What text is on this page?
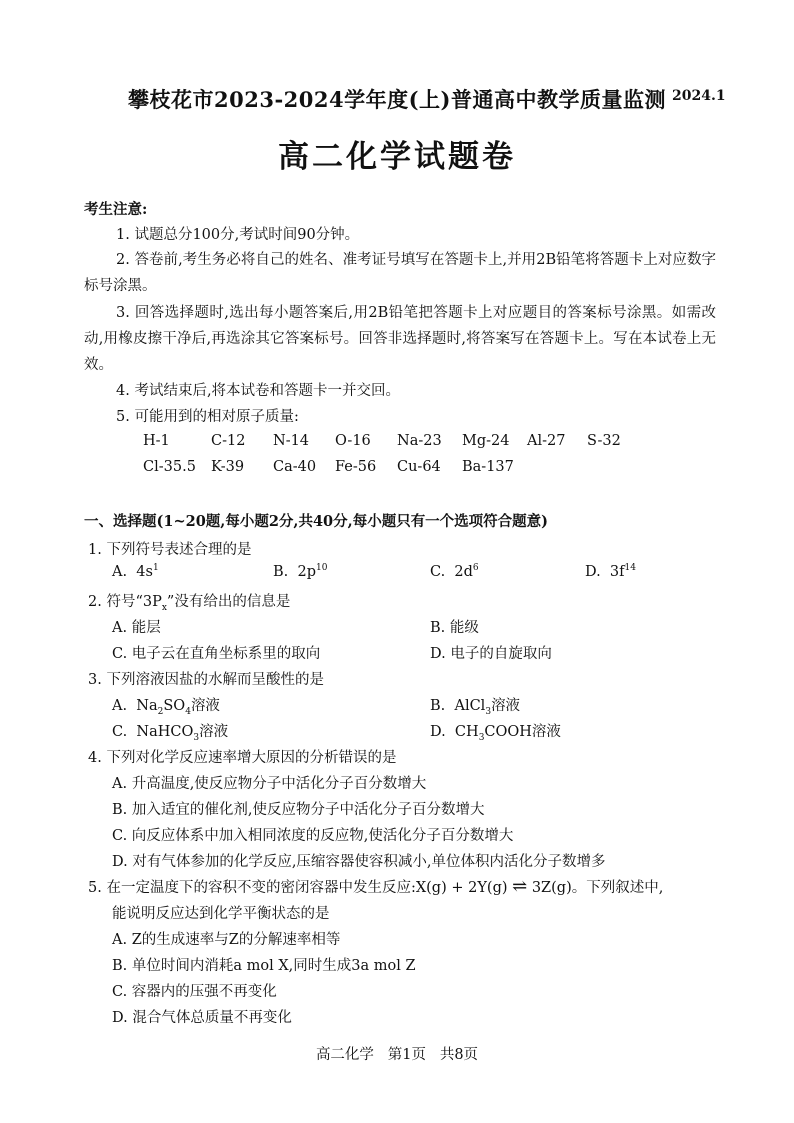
攀枝花市2023-2024学年度(上)普通高中教学质量监测 2024.1
高二化学试题卷
考生注意:
1. 试题总分100分,考试时间90分钟。
2. 答卷前,考生务必将自己的姓名、准考证号填写在答题卡上,并用2B铅笔将答题卡上对应数字标号涂黑。
3. 回答选择题时,选出每小题答案后,用2B铅笔把答题卡上对应题目的答案标号涂黑。如需改动,用橡皮擦干净后,再选涂其它答案标号。回答非选择题时,将答案写在答题卡上。写在本试卷上无效。
4. 考试结束后,将本试卷和答题卡一并交回。
5. 可能用到的相对原子质量:
H-1	C-12	N-14	O-16	Na-23	Mg-24	Al-27	S-32
Cl-35.5	K-39	Ca-40	Fe-56	Cu-64	Ba-137
一、选择题(1~20题,每小题2分,共40分,每小题只有一个选项符合题意)
1. 下列符号表述合理的是
A.  $4s^1$	B.  $2p^{10}$	C.  $2d^6$	D.  $3f^{14}$
2. 符号“$3P_x$”没有给出的信息是
A. 能层	B. 能级
C. 电子云在直角坐标系里的取向	D. 电子的自旋取向
3. 下列溶液因盐的水解而呈酸性的是
A.  $Na_2SO_4$溶液	B.  AlCl$_3$溶液
C.  NaHCO$_3$溶液	D.  $CH_3COOH$溶液
4. 下列对化学反应速率增大原因的分析错误的是
A. 升高温度,使反应物分子中活化分子百分数增大
B. 加入适宜的催化剂,使反应物分子中活化分子百分数增大
C. 向反应体系中加入相同浓度的反应物,使活化分子百分数增大
D. 对有气体参加的化学反应,压缩容器使容积减小,单位体积内活化分子数增多
5. 在一定温度下的容积不变的密闭容器中发生反应:X(g) + 2Y(g) ⇌ 3Z(g)。下列叙述中,
能说明反应达到化学平衡状态的是
A. Z的生成速率与Z的分解速率相等
B. 单位时间内消耗a mol X,同时生成3a mol Z
C. 容器内的压强不再变化
D. 混合气体总质量不再变化
高二化学   第1页   共8页
